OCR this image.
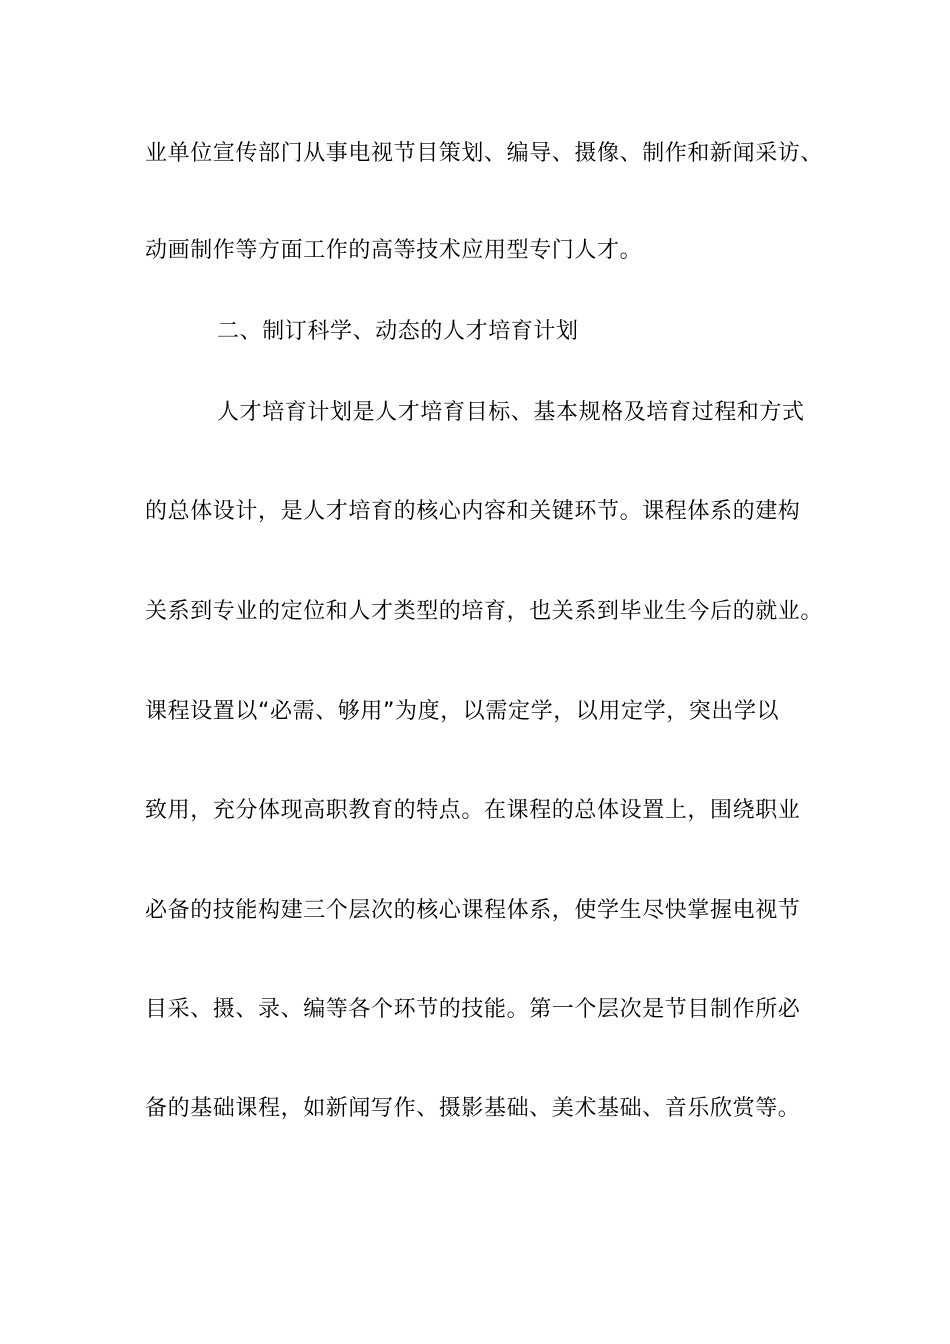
业单位宣传部门从事电视节目策划、编导、摄像、制作和新闻采访、
动画制作等方面工作的高等技术应用型专门人才。
二、制订科学、动态的人才培育计划
人才培育计划是人才培育目标、基本规格及培育过程和方式
的总体设计，是人才培育的核心内容和关键环节。课程体系的建构
关系到专业的定位和人才类型的培育，也关系到毕业生今后的就业。
课程设置以“必需、够用”为度，以需定学，以用定学，突出学以
致用，充分体现高职教育的特点。在课程的总体设置上，围绕职业
必备的技能构建三个层次的核心课程体系，使学生尽快掌握电视节
目采、摄、录、编等各个环节的技能。第一个层次是节目制作所必
备的基础课程，如新闻写作、摄影基础、美术基础、音乐欣赏等。
